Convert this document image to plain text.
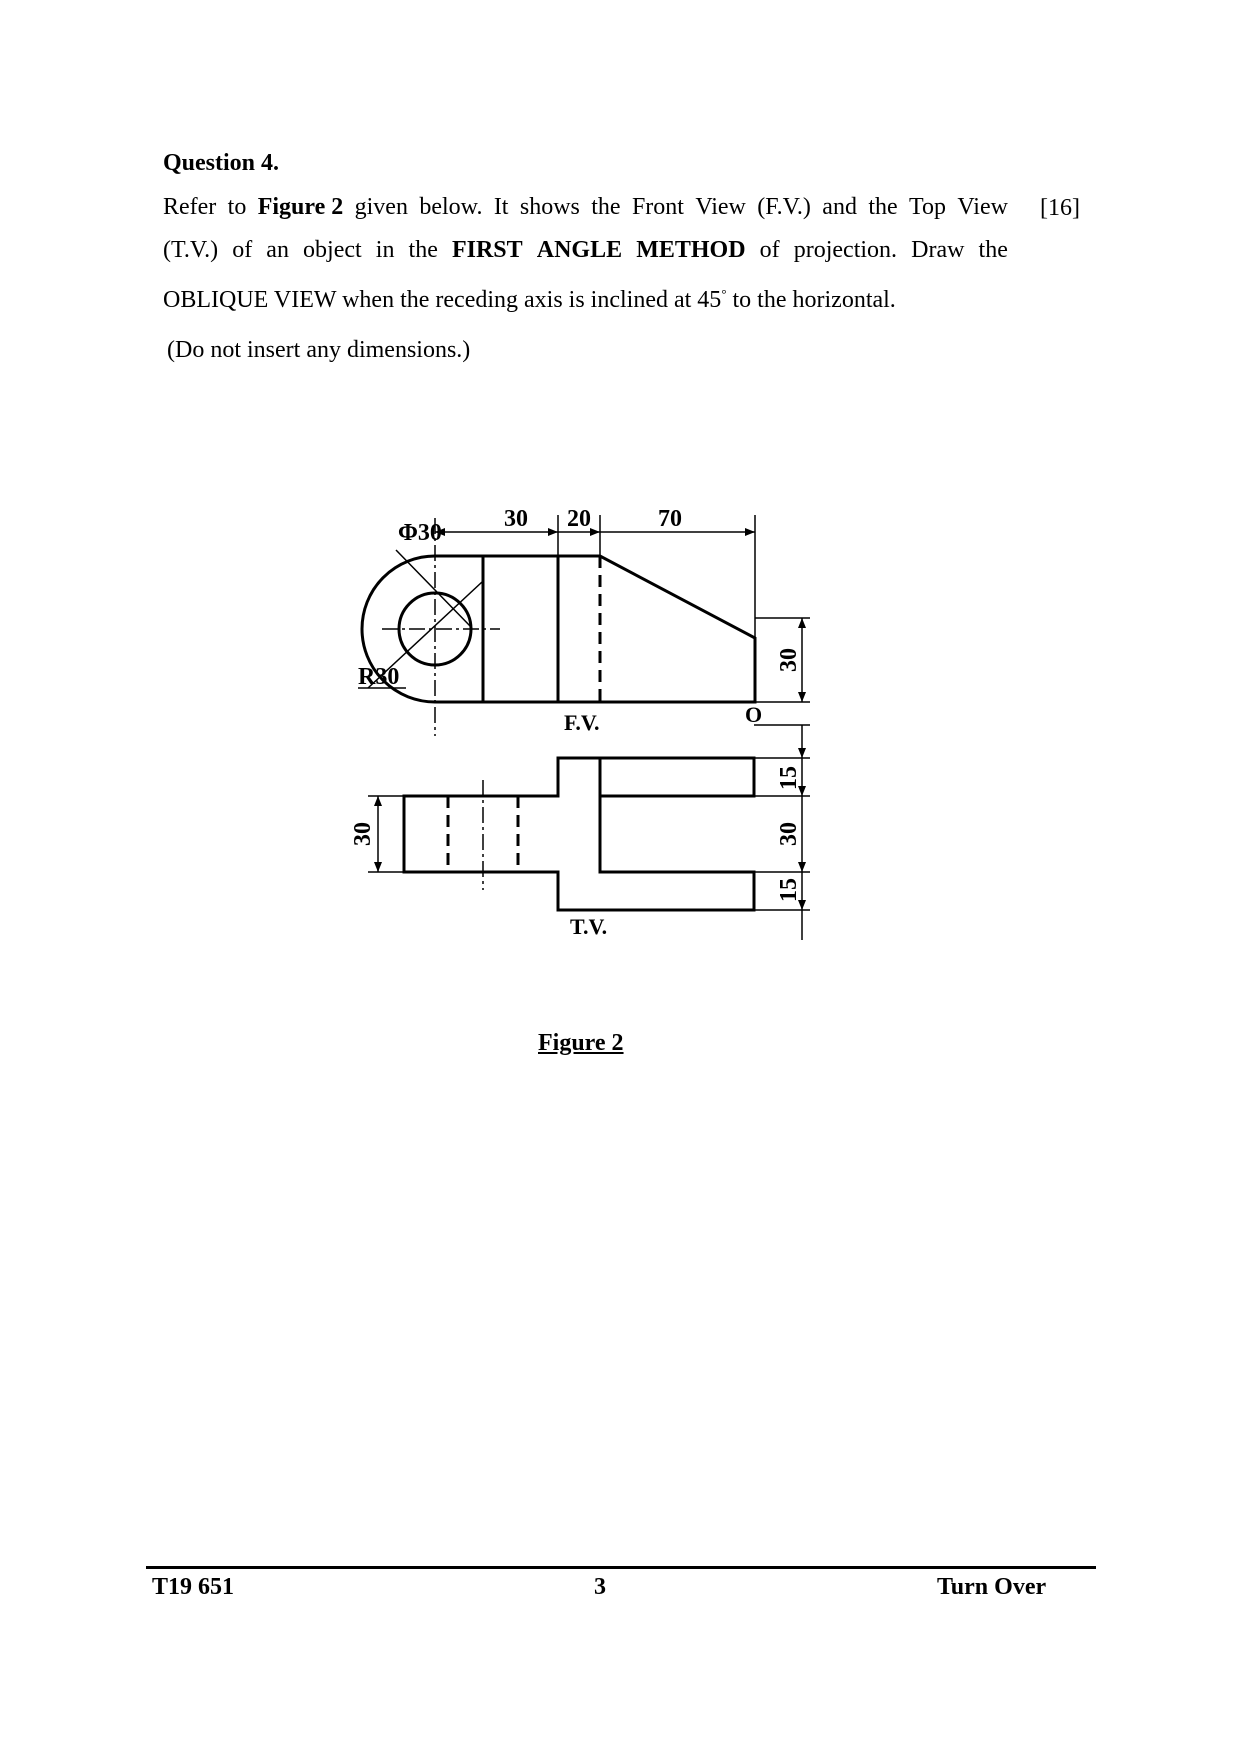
Question 4.
Refer to Figure 2 given below. It shows the Front View (F.V.) and the Top View [16]
(T.V.) of an object in the FIRST ANGLE METHOD of projection. Draw the
OBLIQUE VIEW when the receding axis is inclined at 45° to the horizontal.
(Do not insert any dimensions.)
Φ30
R30
30 20	70
F.V.	O
T.V.
30
15
30
15
30
Figure 2
T19 651	3	Turn Over
